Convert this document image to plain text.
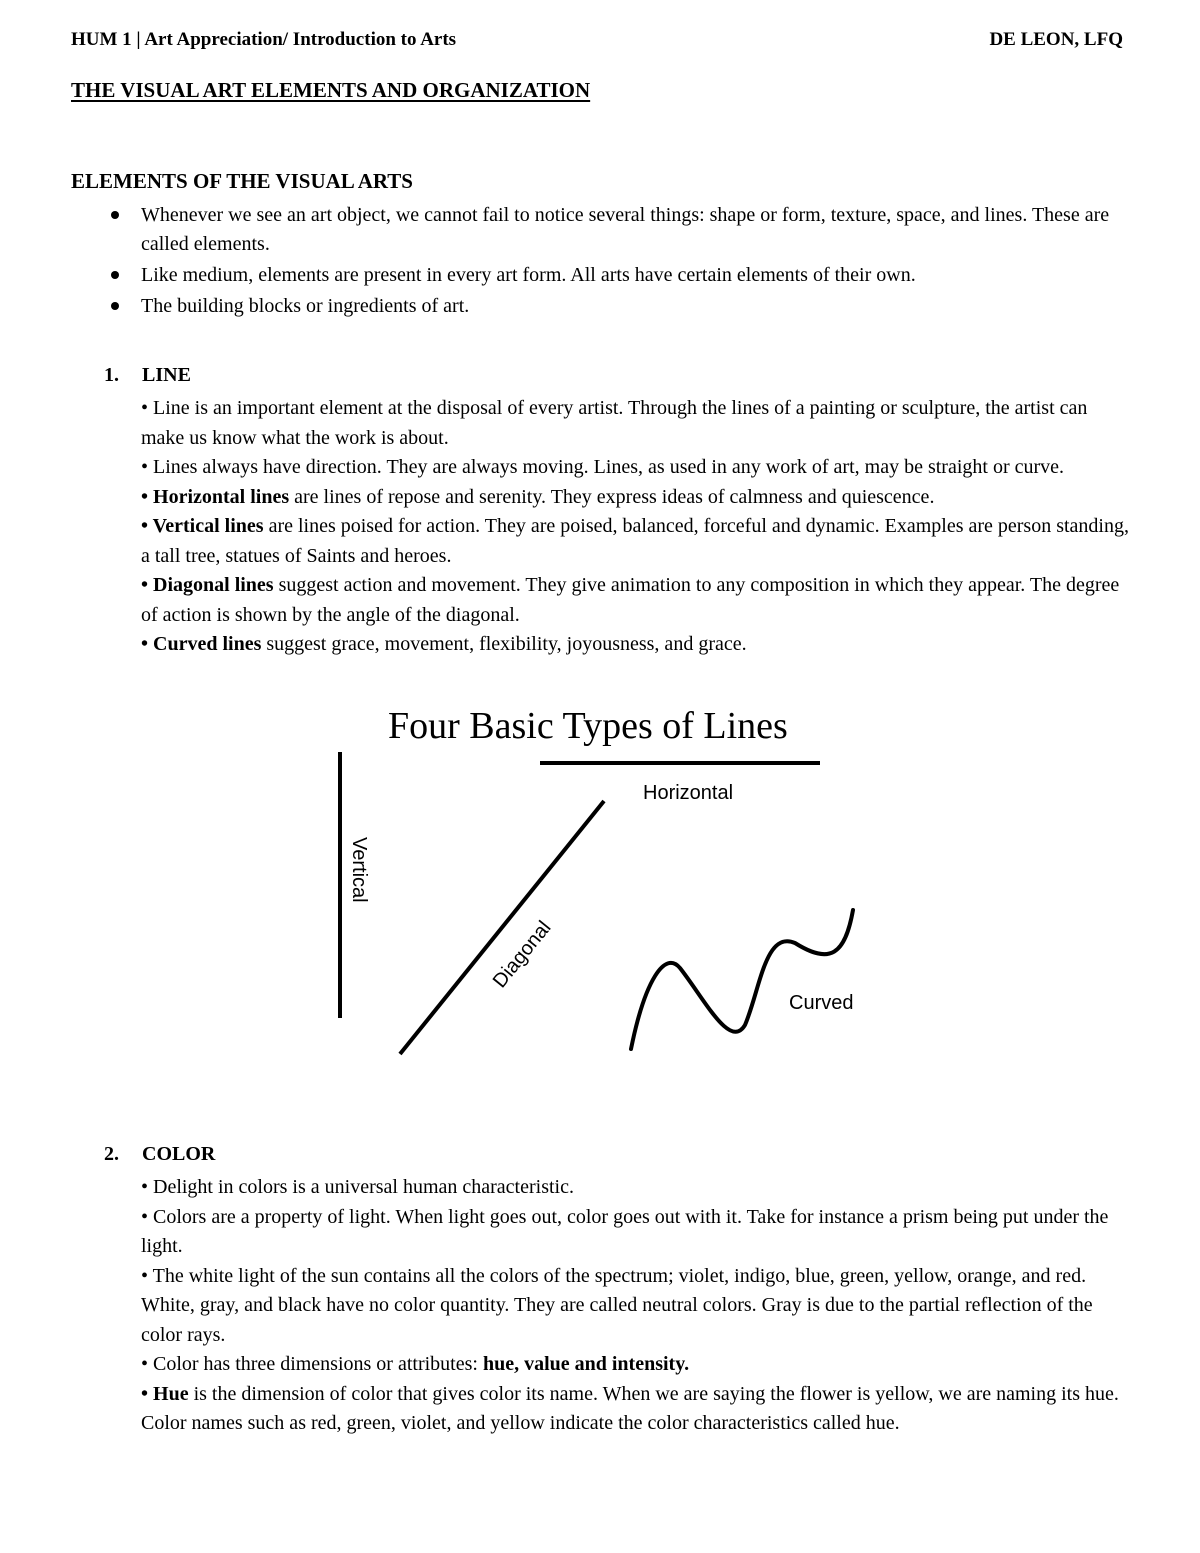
HUM 1 | Art Appreciation/ Introduction to Arts	DE LEON, LFQ
THE VISUAL ART ELEMENTS AND ORGANIZATION
ELEMENTS OF THE VISUAL ARTS
Whenever we see an art object, we cannot fail to notice several things: shape or form, texture, space, and lines. These are called elements.
Like medium, elements are present in every art form. All arts have certain elements of their own.
The building blocks or ingredients of art.
1. LINE

• Line is an important element at the disposal of every artist. Through the lines of a painting or sculpture, the artist can make us know what the work is about.

• Lines always have direction. They are always moving. Lines, as used in any work of art, may be straight or curve.

• Horizontal lines are lines of repose and serenity. They express ideas of calmness and quiescence.

• Vertical lines are lines poised for action. They are poised, balanced, forceful and dynamic. Examples are person standing, a tall tree, statues of Saints and heroes.

• Diagonal lines suggest action and movement. They give animation to any composition in which they appear. The degree of action is shown by the angle of the diagonal.

• Curved lines suggest grace, movement, flexibility, joyousness, and grace.

Four Basic Types of Lines
Horizontal
Vertical
Diagonal
Curved
2. COLOR

• Delight in colors is a universal human characteristic.

• Colors are a property of light. When light goes out, color goes out with it. Take for instance a prism being put under the light.

• The white light of the sun contains all the colors of the spectrum; violet, indigo, blue, green, yellow, orange, and red. White, gray, and black have no color quantity. They are called neutral colors. Gray is due to the partial reflection of the color rays.

• Color has three dimensions or attributes: hue, value and intensity.

• Hue is the dimension of color that gives color its name. When we are saying the flower is yellow, we are naming its hue. Color names such as red, green, violet, and yellow indicate the color characteristics called hue.
